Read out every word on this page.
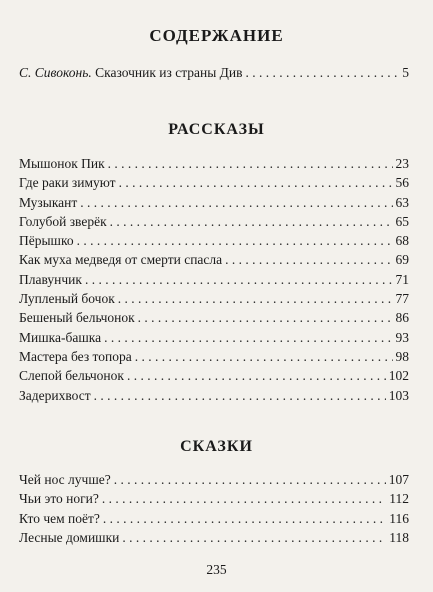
СОДЕРЖАНИЕ
С. Сивоконь. Сказочник из страны Див . . .	5
РАССКАЗЫ
Мышонок Пик . . .	23
Где раки зимуют . . .	56
Музыкант . . .	63
Голубой зверёк . . .	65
Пёрышко . . .	68
Как муха медведя от смерти спасла . . .	69
Плавунчик . . .	71
Лупленый бочок . . .	77
Бешеный бельчонок . . .	86
Мишка-башка . . .	93
Мастера без топора . . .	98
Слепой бельчонок . . .	102
Задерихвост . . .	103
СКАЗКИ
Чей нос лучше? . . .	107
Чьи это ноги? . . .	112
Кто чем поёт? . . .	116
Лесные домишки . . .	118
235
